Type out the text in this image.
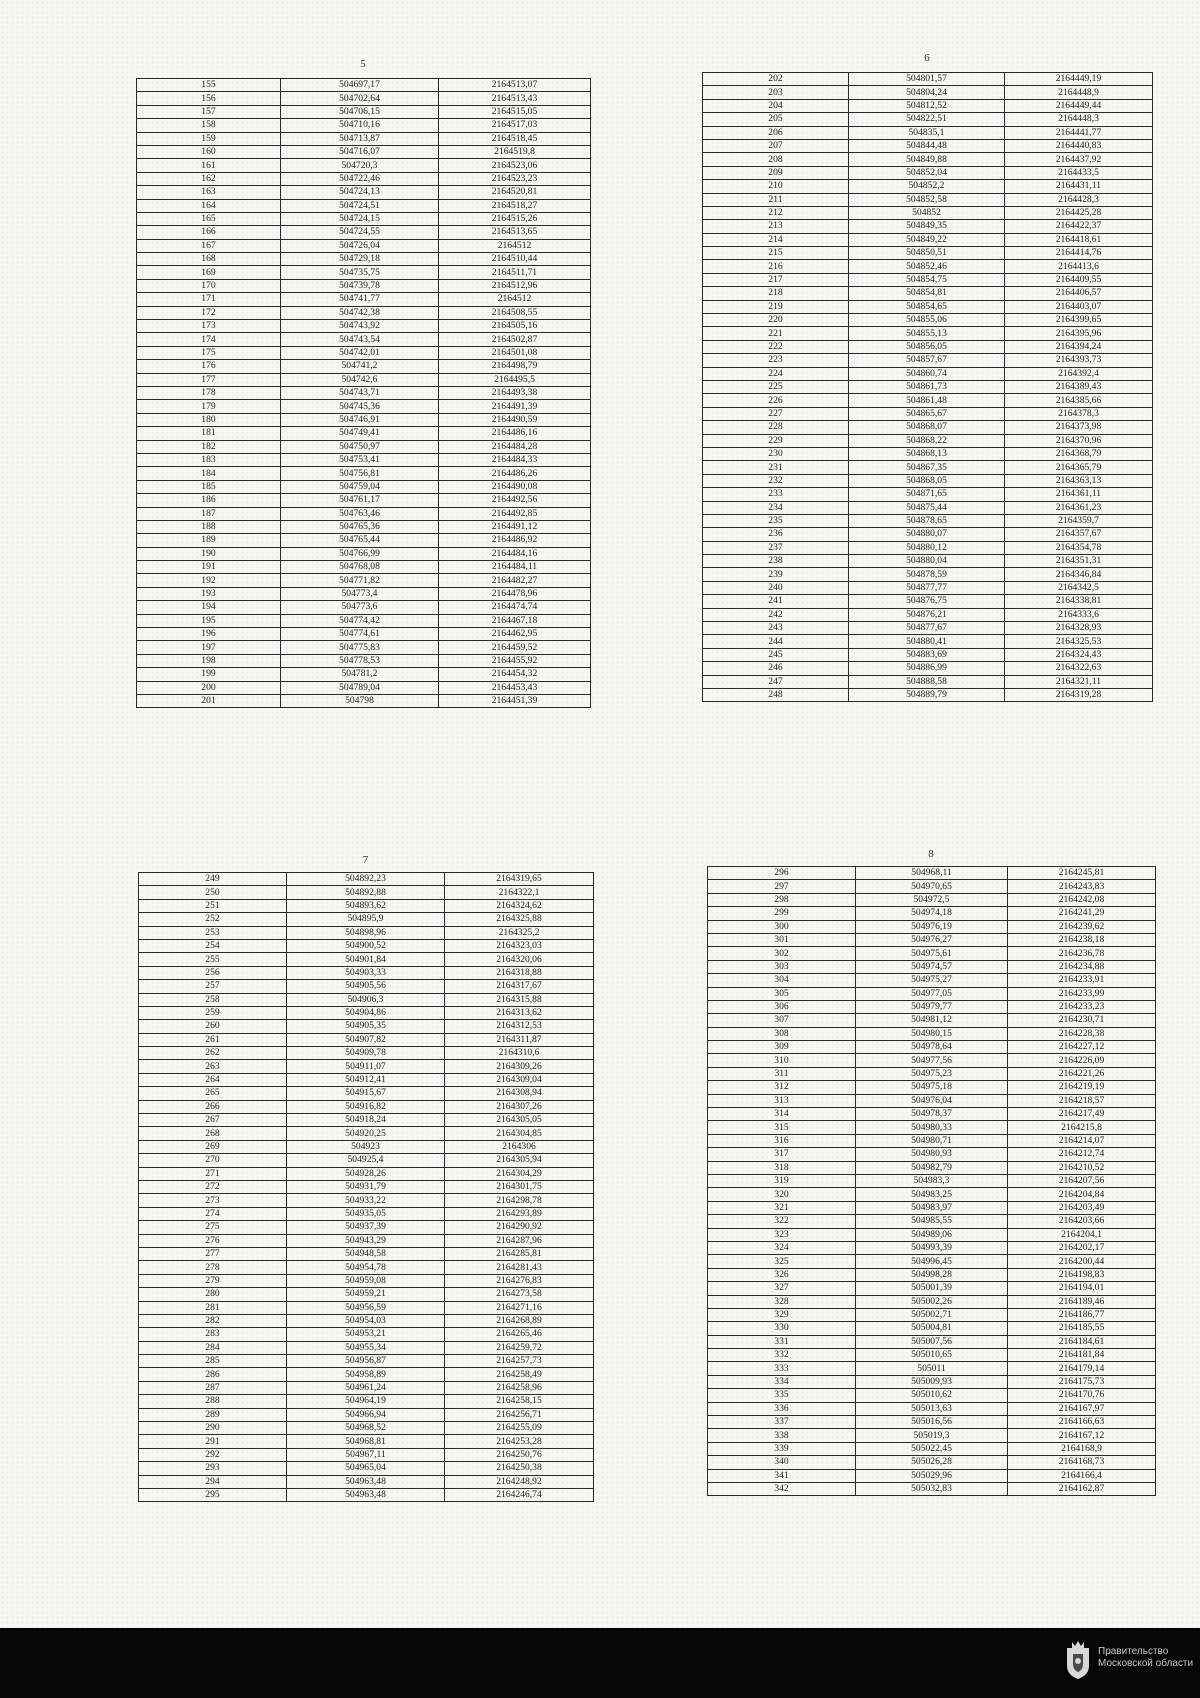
5
155	504697,17	2164513,07
156	504702,64	2164513,43
157	504706,15	2164515,05
158	504710,16	2164517,03
159	504713,87	2164518,45
160	504716,07	2164519,8
161	504720,3	2164523,06
162	504722,46	2164523,23
163	504724,13	2164520,81
164	504724,51	2164518,27
165	504724,15	2164515,26
166	504724,55	2164513,65
167	504726,04	2164512
168	504729,18	2164510,44
169	504735,75	2164511,71
170	504739,78	2164512,96
171	504741,77	2164512
172	504742,38	2164508,55
173	504743,92	2164505,16
174	504743,54	2164502,87
175	504742,01	2164501,08
176	504741,2	2164498,79
177	504742,6	2164495,5
178	504743,71	2164493,38
179	504745,36	2164491,39
180	504746,91	2164490,59
181	504749,41	2164486,16
182	504750,97	2164484,28
183	504753,41	2164484,33
184	504756,81	2164486,26
185	504759,04	2164490,08
186	504761,17	2164492,56
187	504763,46	2164492,85
188	504765,36	2164491,12
189	504765,44	2164486,92
190	504766,99	2164484,16
191	504768,08	2164484,11
192	504771,82	2164482,27
193	504773,4	2164478,96
194	504773,6	2164474,74
195	504774,42	2164467,18
196	504774,61	2164462,95
197	504775,83	2164459,52
198	504778,53	2164455,92
199	504781,2	2164454,32
200	504789,04	2164453,43
201	504798	2164451,39
6
202	504801,57	2164449,19
203	504804,24	2164448,9
204	504812,52	2164449,44
205	504822,51	2164448,3
206	504835,1	2164441,77
207	504844,48	2164440,83
208	504849,88	2164437,92
209	504852,04	2164433,5
210	504852,2	2164431,11
211	504852,58	2164428,3
212	504852	2164425,28
213	504849,35	2164422,37
214	504849,22	2164418,61
215	504850,51	2164414,76
216	504852,46	2164413,6
217	504854,75	2164409,55
218	504854,81	2164406,57
219	504854,65	2164403,07
220	504855,06	2164399,65
221	504855,13	2164395,96
222	504856,05	2164394,24
223	504857,67	2164393,73
224	504860,74	2164392,4
225	504861,73	2164389,43
226	504861,48	2164385,66
227	504865,67	2164378,3
228	504868,07	2164373,98
229	504868,22	2164370,96
230	504868,13	2164368,79
231	504867,35	2164365,79
232	504868,05	2164363,13
233	504871,65	2164361,11
234	504875,44	2164361,23
235	504878,65	2164359,7
236	504880,07	2164357,67
237	504880,12	2164354,78
238	504880,04	2164351,31
239	504878,59	2164346,84
240	504877,77	2164342,5
241	504876,75	2164338,81
242	504876,21	2164333,6
243	504877,67	2164328,93
244	504880,41	2164325,53
245	504883,69	2164324,43
246	504886,99	2164322,63
247	504888,58	2164321,11
248	504889,79	2164319,28
7
249	504892,23	2164319,65
250	504892,88	2164322,1
251	504893,62	2164324,62
252	504895,9	2164325,88
253	504898,96	2164325,2
254	504900,52	2164323,03
255	504901,84	2164320,06
256	504903,33	2164318,88
257	504905,56	2164317,67
258	504906,3	2164315,88
259	504904,86	2164313,62
260	504905,35	2164312,53
261	504907,82	2164311,87
262	504909,78	2164310,6
263	504911,07	2164309,26
264	504912,41	2164309,04
265	504915,67	2164308,94
266	504916,82	2164307,26
267	504918,24	2164305,05
268	504920,25	2164304,85
269	504923	2164306
270	504925,4	2164305,94
271	504928,26	2164304,29
272	504931,79	2164301,75
273	504933,22	2164298,78
274	504935,05	2164293,89
275	504937,39	2164290,92
276	504943,29	2164287,96
277	504948,58	2164285,81
278	504954,78	2164281,43
279	504959,08	2164276,83
280	504959,21	2164273,58
281	504956,59	2164271,16
282	504954,03	2164268,89
283	504953,21	2164265,46
284	504955,34	2164259,72
285	504956,87	2164257,73
286	504958,89	2164258,49
287	504961,24	2164258,96
288	504964,19	2164258,15
289	504966,94	2164256,71
290	504968,52	2164255,09
291	504968,81	2164253,28
292	504967,11	2164250,76
293	504965,04	2164250,38
294	504963,48	2164248,92
295	504963,48	2164246,74
8
296	504968,11	2164245,81
297	504970,65	2164243,83
298	504972,5	2164242,08
299	504974,18	2164241,29
300	504976,19	2164239,62
301	504976,27	2164238,18
302	504975,61	2164236,78
303	504974,57	2164234,88
304	504975,27	2164233,91
305	504977,05	2164233,99
306	504979,77	2164233,23
307	504981,12	2164230,71
308	504980,15	2164228,38
309	504978,64	2164227,12
310	504977,56	2164226,09
311	504975,23	2164221,26
312	504975,18	2164219,19
313	504976,04	2164218,57
314	504978,37	2164217,49
315	504980,33	2164215,8
316	504980,71	2164214,07
317	504980,93	2164212,74
318	504982,79	2164210,52
319	504983,3	2164207,56
320	504983,25	2164204,84
321	504983,97	2164203,49
322	504985,55	2164203,66
323	504989,06	2164204,1
324	504993,39	2164202,17
325	504996,45	2164200,44
326	504998,28	2164198,83
327	505001,39	2164194,01
328	505002,26	2164189,46
329	505002,71	2164186,77
330	505004,81	2164185,55
331	505007,56	2164184,61
332	505010,65	2164181,84
333	505011	2164179,14
334	505009,93	2164175,73
335	505010,62	2164170,76
336	505013,63	2164167,97
337	505016,56	2164166,63
338	505019,3	2164167,12
339	505022,45	2164168,9
340	505026,28	2164168,73
341	505029,96	2164166,4
342	505032,83	2164162,87
Правительство
Московской области
